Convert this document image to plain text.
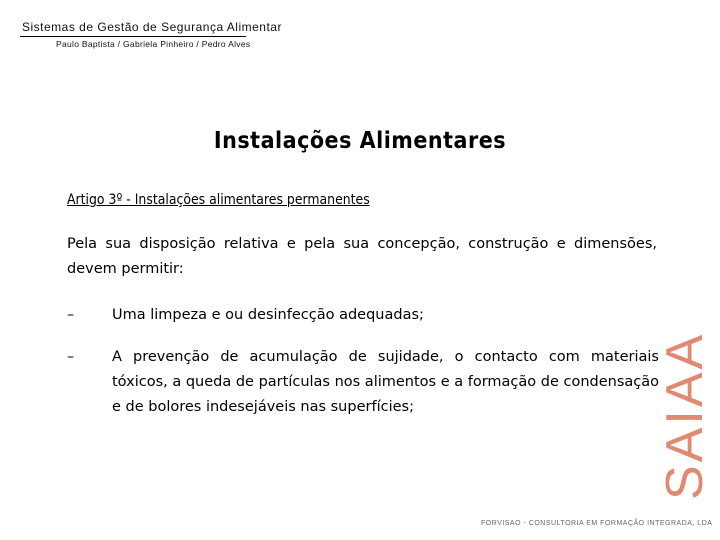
Sistemas de Gestão de Segurança Alimentar
Paulo Baptista / Gabriela Pinheiro / Pedro Alves
Instalações Alimentares
Artigo 3º - Instalações alimentares permanentes
Pela sua disposição relativa e pela sua concepção, construção e dimensões, devem permitir:
–	Uma limpeza e ou desinfecção adequadas;
–	A prevenção de acumulação de sujidade, o contacto com materiais tóxicos, a queda de partículas nos alimentos e a formação de condensação e de bolores indesejáveis nas superfícies;	SAIAA
FORVISAO - CONSULTORIA EM FORMAÇÃO INTEGRADA, LDA
